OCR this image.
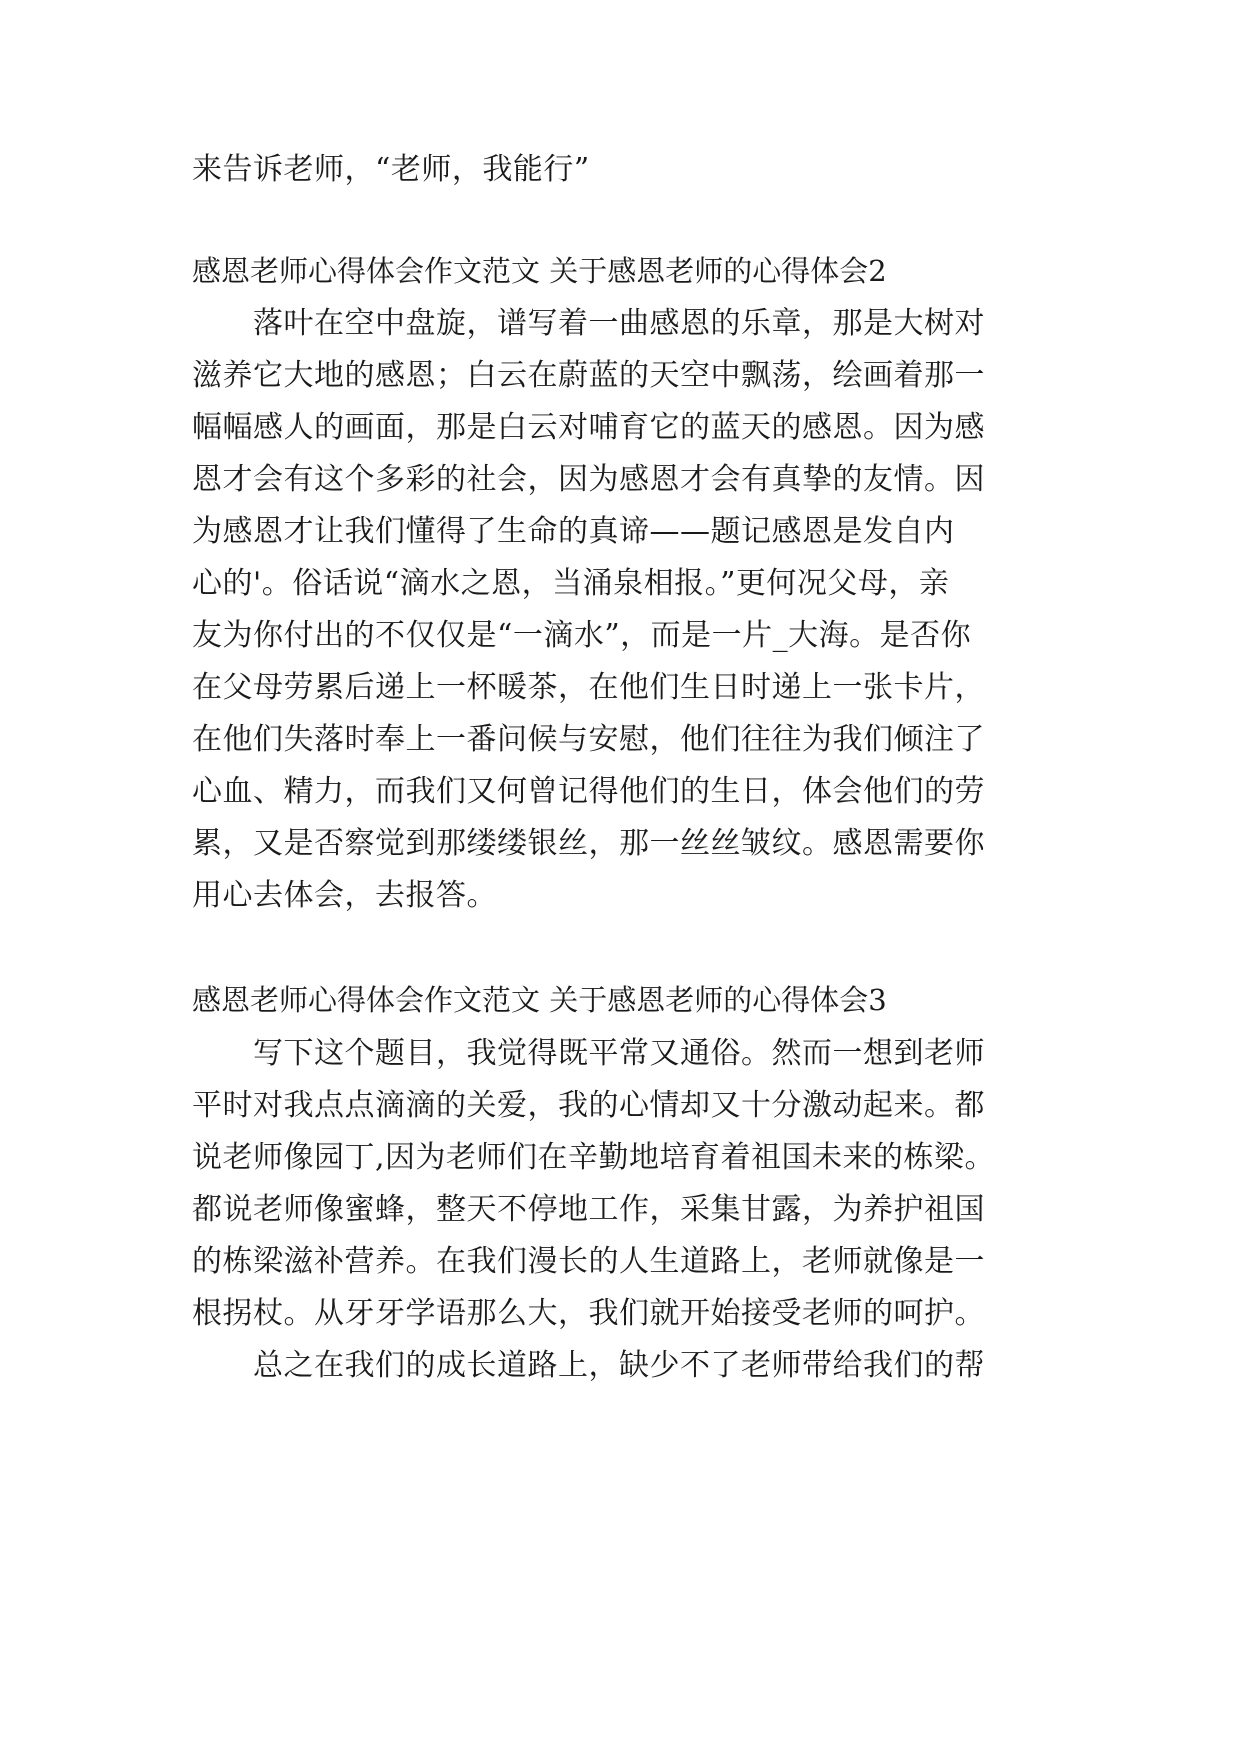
来告诉老师，“老师，我能行”
感恩老师心得体会作文范文 关于感恩老师的心得体会2
　　落叶在空中盘旋，谱写着一曲感恩的乐章，那是大树对
滋养它大地的感恩；白云在蔚蓝的天空中飘荡，绘画着那一
幅幅感人的画面，那是白云对哺育它的蓝天的感恩。因为感
恩才会有这个多彩的社会，因为感恩才会有真挚的友情。因
为感恩才让我们懂得了生命的真谛——题记感恩是发自内
心的'。俗话说“滴水之恩，当涌泉相报。”更何况父母，亲
友为你付出的不仅仅是“一滴水”，而是一片_大海。是否你
在父母劳累后递上一杯暖茶，在他们生日时递上一张卡片，
在他们失落时奉上一番问候与安慰，他们往往为我们倾注了
心血、精力，而我们又何曾记得他们的生日，体会他们的劳
累，又是否察觉到那缕缕银丝，那一丝丝皱纹。感恩需要你
用心去体会，去报答。
感恩老师心得体会作文范文 关于感恩老师的心得体会3
　　写下这个题目，我觉得既平常又通俗。然而一想到老师
平时对我点点滴滴的关爱，我的心情却又十分激动起来。都
说老师像园丁,因为老师们在辛勤地培育着祖国未来的栋梁。
都说老师像蜜蜂，整天不停地工作，采集甘露，为养护祖国
的栋梁滋补营养。在我们漫长的人生道路上，老师就像是一
根拐杖。从牙牙学语那么大，我们就开始接受老师的呵护。
　　总之在我们的成长道路上，缺少不了老师带给我们的帮
